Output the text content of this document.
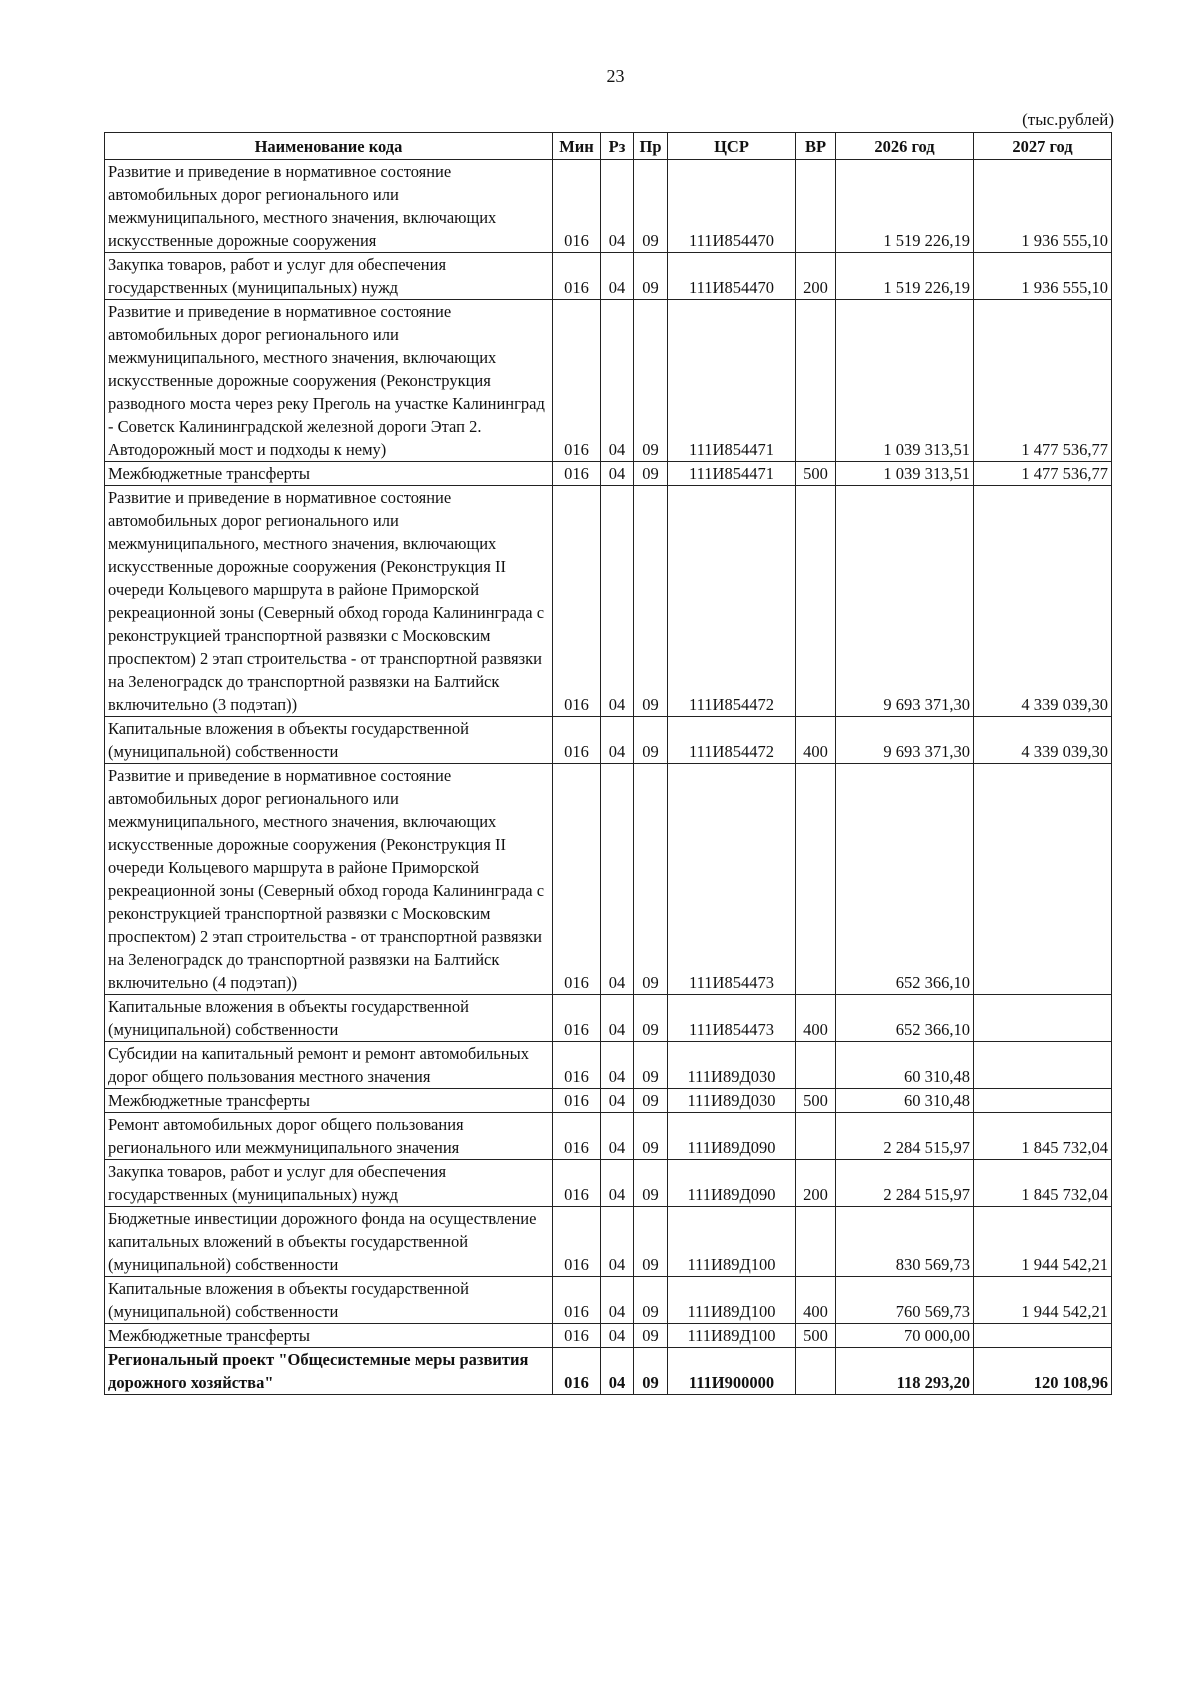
23
(тыс.рублей)
Наименование кода	Мин	Рз	Пр	ЦСР	ВР	2026 год	2027 год
Развитие и приведение в нормативное состояние автомобильных дорог регионального или межмуниципального, местного значения, включающих искусственные дорожные сооружения	016	04	09	111И854470		1 519 226,19	1 936 555,10
Закупка товаров, работ и услуг для обеспечения государственных (муниципальных) нужд	016	04	09	111И854470	200	1 519 226,19	1 936 555,10
Развитие и приведение в нормативное состояние автомобильных дорог регионального или межмуниципального, местного значения, включающих искусственные дорожные сооружения (Реконструкция разводного моста через реку Преголь на участке Калининград - Советск Калининградской железной дороги Этап 2. Автодорожный мост и подходы к нему)	016	04	09	111И854471		1 039 313,51	1 477 536,77
Межбюджетные трансферты	016	04	09	111И854471	500	1 039 313,51	1 477 536,77
Развитие и приведение в нормативное состояние автомобильных дорог регионального или межмуниципального, местного значения, включающих искусственные дорожные сооружения (Реконструкция II очереди Кольцевого маршрута в районе Приморской рекреационной зоны (Северный обход города Калининграда с реконструкцией транспортной развязки с Московским проспектом) 2 этап строительства - от транспортной развязки на Зеленоградск до транспортной развязки на Балтийск включительно (3 подэтап))	016	04	09	111И854472		9 693 371,30	4 339 039,30
Капитальные вложения в объекты государственной (муниципальной) собственности	016	04	09	111И854472	400	9 693 371,30	4 339 039,30
Развитие и приведение в нормативное состояние автомобильных дорог регионального или межмуниципального, местного значения, включающих искусственные дорожные сооружения (Реконструкция II очереди Кольцевого маршрута в районе Приморской рекреационной зоны (Северный обход города Калининграда с реконструкцией транспортной развязки с Московским проспектом) 2 этап строительства - от транспортной развязки на Зеленоградск до транспортной развязки на Балтийск включительно (4 подэтап))	016	04	09	111И854473		652 366,10	
Капитальные вложения в объекты государственной (муниципальной) собственности	016	04	09	111И854473	400	652 366,10	
Субсидии на капитальный ремонт и ремонт автомобильных дорог общего пользования местного значения	016	04	09	111И89Д030		60 310,48	
Межбюджетные трансферты	016	04	09	111И89Д030	500	60 310,48	
Ремонт автомобильных дорог общего пользования регионального или межмуниципального значения	016	04	09	111И89Д090		2 284 515,97	1 845 732,04
Закупка товаров, работ и услуг для обеспечения государственных (муниципальных) нужд	016	04	09	111И89Д090	200	2 284 515,97	1 845 732,04
Бюджетные инвестиции дорожного фонда на осуществление капитальных вложений в объекты государственной (муниципальной) собственности	016	04	09	111И89Д100		830 569,73	1 944 542,21
Капитальные вложения в объекты государственной (муниципальной) собственности	016	04	09	111И89Д100	400	760 569,73	1 944 542,21
Межбюджетные трансферты	016	04	09	111И89Д100	500	70 000,00	
Региональный проект "Общесистемные меры развития дорожного хозяйства"	016	04	09	111И900000		118 293,20	120 108,96
